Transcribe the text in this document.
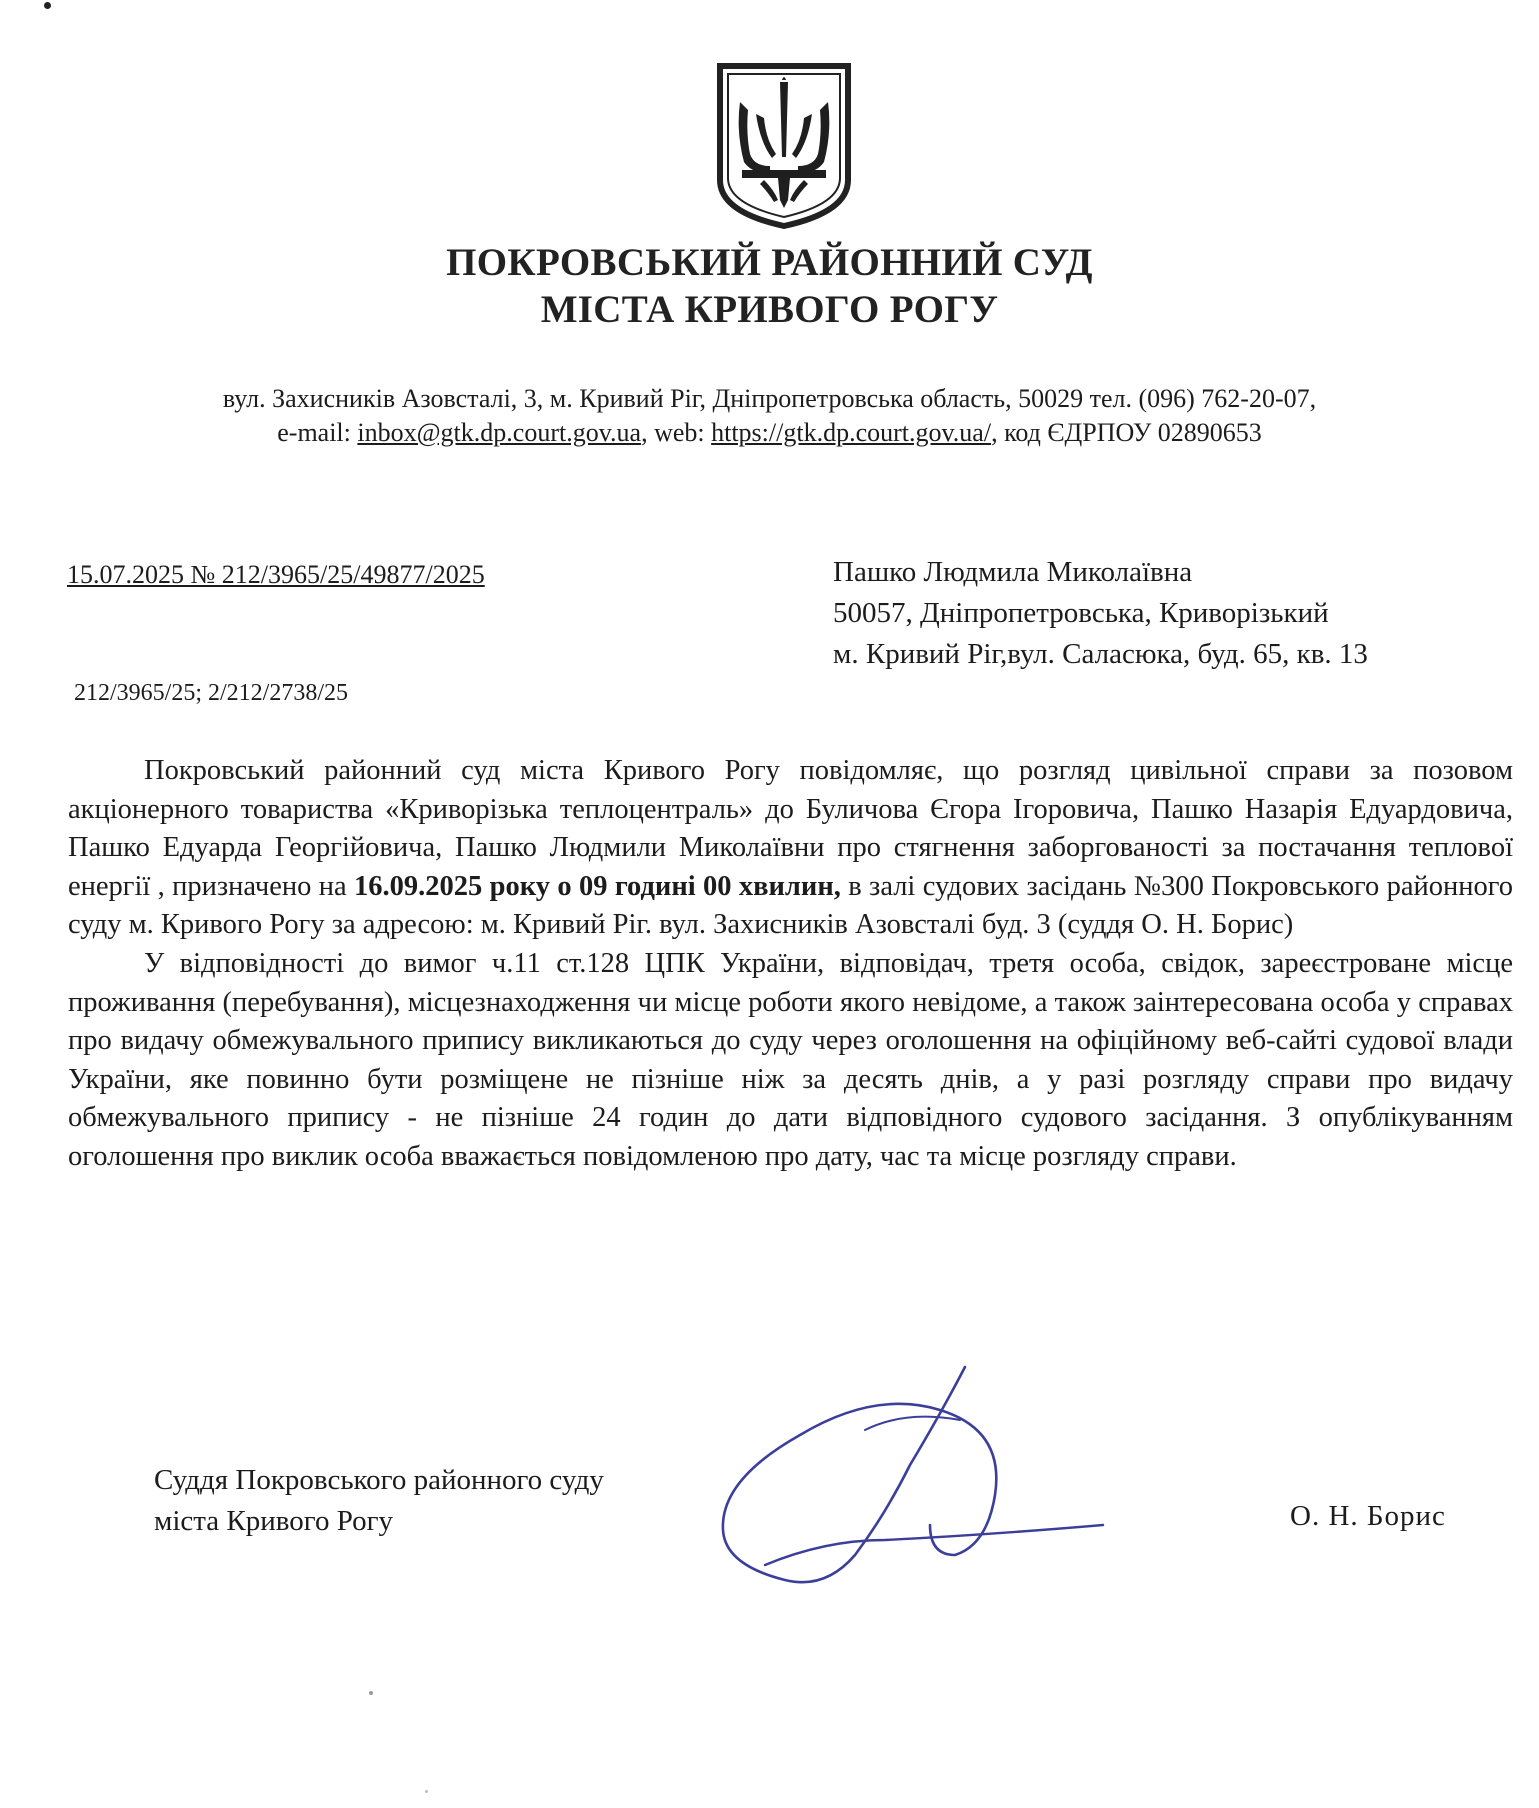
ПОКРОВСЬКИЙ РАЙОННИЙ СУД
МІСТА КРИВОГО РОГУ
вул. Захисників Азовсталі, 3, м. Кривий Ріг, Дніпропетровська область, 50029 тел. (096) 762-20-07,
e-mail: inbox@gtk.dp.court.gov.ua, web: https://gtk.dp.court.gov.ua/, код ЄДРПОУ 02890653
15.07.2025 № 212/3965/25/49877/2025
212/3965/25; 2/212/2738/25
Пашко Людмила Миколаївна
50057, Дніпропетровська, Криворізький
м. Кривий Ріг,вул. Саласюка, буд. 65, кв. 13

Покровський районний суд міста Кривого Рогу повідомляє, що розгляд цивільної справи за позовом акціонерного товариства «Криворізька теплоцентраль» до Буличова Єгора Ігоровича, Пашко Назарія Едуардовича, Пашко Едуарда Георгійовича, Пашко Людмили Миколаївни про стягнення заборгованості за постачання теплової енергії , призначено на 16.09.2025 року о 09 годині 00 хвилин, в залі судових засідань №300 Покровського районного суду м. Кривого Рогу за адресою: м. Кривий Ріг. вул. Захисників Азовсталі буд. 3 (суддя О. Н. Борис)

У відповідності до вимог ч.11 ст.128 ЦПК України, відповідач, третя особа, свідок, зареєстроване місце проживання (перебування), місцезнаходження чи місце роботи якого невідоме, а також заінтересована особа у справах про видачу обмежувального припису викликаються до суду через оголошення на офіційному веб-сайті судової влади України, яке повинно бути розміщене не пізніше ніж за десять днів, а у разі розгляду справи про видачу обмежувального припису - не пізніше 24 годин до дати відповідного судового засідання. З опублікуванням оголошення про виклик особа вважається повідомленою про дату, час та місце розгляду справи.

Суддя Покровського районного суду
міста Кривого Рогу	О. Н. Борис
